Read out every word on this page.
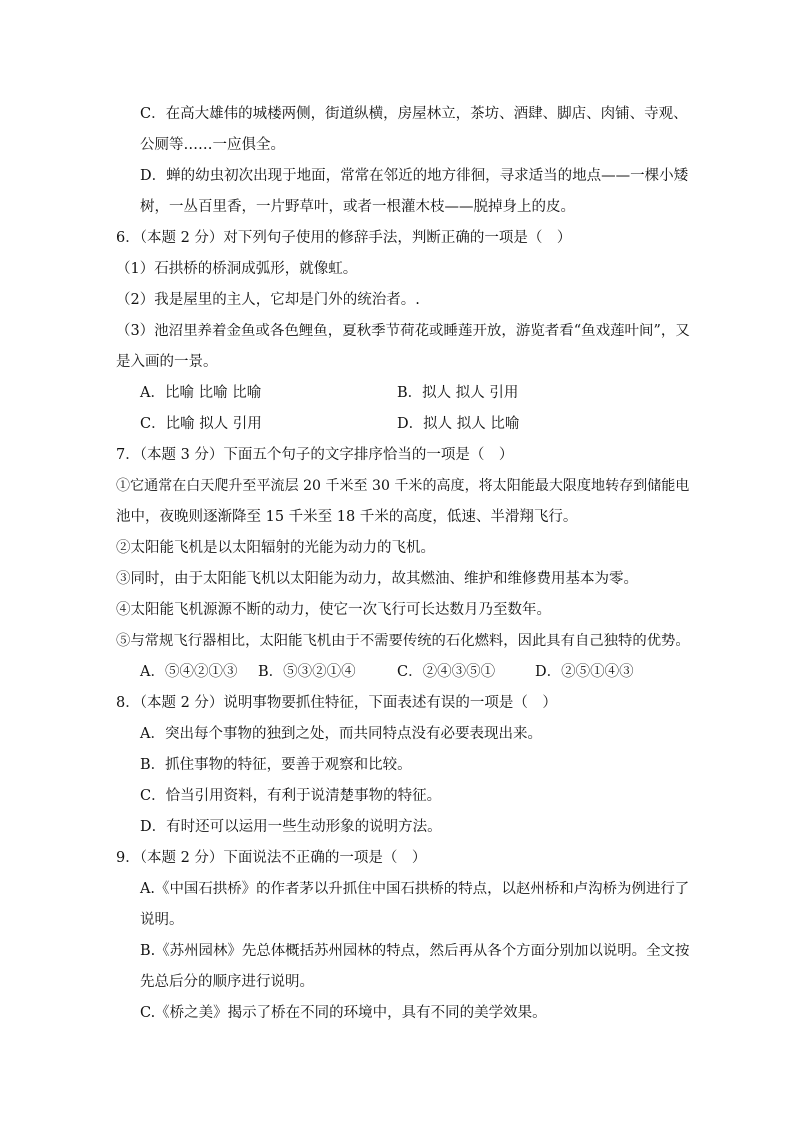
C．在高大雄伟的城楼两侧，街道纵横，房屋林立，茶坊、酒肆、脚店、肉铺、寺观、
公厕等……一应俱全。
D．蝉的幼虫初次出现于地面，常常在邻近的地方徘徊，寻求适当的地点——一棵小矮
树，一丛百里香，一片野草叶，或者一根灌木枝——脱掉身上的皮。
6．（本题 2 分）对下列句子使用的修辞手法，判断正确的一项是（　）
（1）石拱桥的桥洞成弧形，就像虹。
（2）我是屋里的主人，它却是门外的统治者。.
（3）池沼里养着金鱼或各色鲤鱼，夏秋季节荷花或睡莲开放，游览者看“鱼戏莲叶间”，又
是入画的一景。
A．比喻 比喻 比喻	B．拟人 拟人 引用
C．比喻 拟人 引用	D．拟人 拟人 比喻
7．（本题 3 分）下面五个句子的文字排序恰当的一项是（　）
①它通常在白天爬升至平流层 20 千米至 30 千米的高度，将太阳能最大限度地转存到储能电
池中，夜晚则逐渐降至 15 千米至 18 千米的高度，低速、半滑翔飞行。
②太阳能飞机是以太阳辐射的光能为动力的飞机。
③同时，由于太阳能飞机以太阳能为动力，故其燃油、维护和维修费用基本为零。
④太阳能飞机源源不断的动力，使它一次飞行可长达数月乃至数年。
⑤与常规飞行器相比，太阳能飞机由于不需要传统的石化燃料，因此具有自己独特的优势。
A．⑤④②①③ B．⑤③②①④	C．②④③⑤①	D．②⑤①④③
8．（本题 2 分）说明事物要抓住特征，下面表述有误的一项是（　）
A．突出每个事物的独到之处，而共同特点没有必要表现出来。
B．抓住事物的特征，要善于观察和比较。
C．恰当引用资料，有利于说清楚事物的特征。
D．有时还可以运用一些生动形象的说明方法。
9．（本题 2 分）下面说法不正确的一项是（　）
A.《中国石拱桥》的作者茅以升抓住中国石拱桥的特点，以赵州桥和卢沟桥为例进行了
说明。
B.《苏州园林》先总体概括苏州园林的特点，然后再从各个方面分别加以说明。全文按
先总后分的顺序进行说明。
C.《桥之美》揭示了桥在不同的环境中，具有不同的美学效果。
